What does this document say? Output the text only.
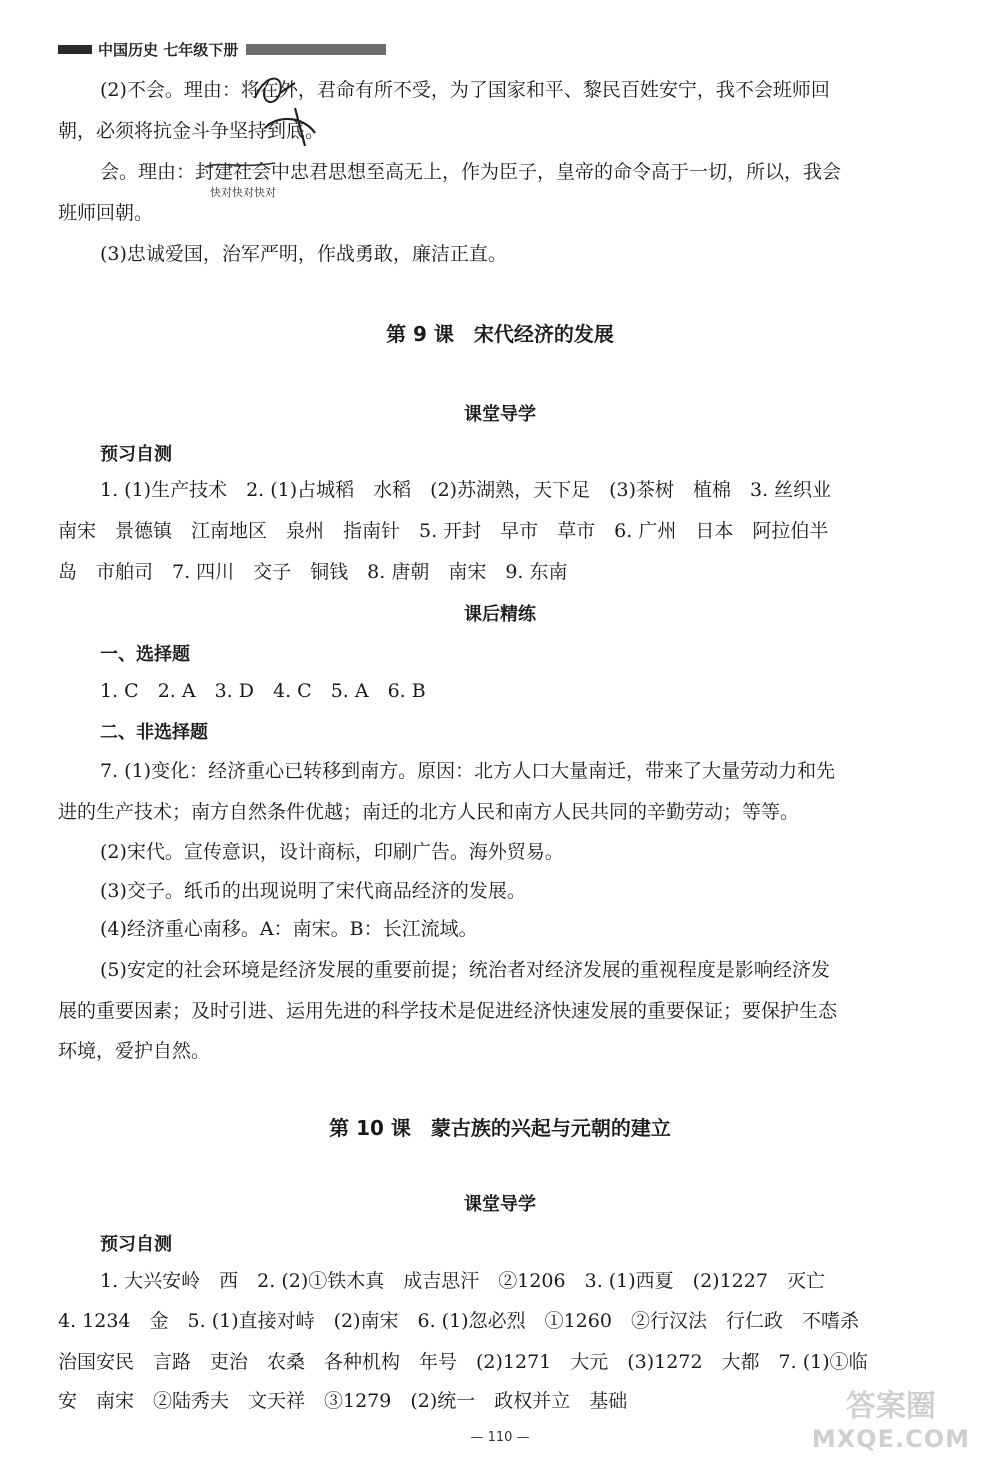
中国历史 七年级下册
(2)不会。理由：将在外，君命有所不受，为了国家和平、黎民百姓安宁，我不会班师回
朝，必须将抗金斗争坚持到底。
会。理由：封建社会中忠君思想至高无上，作为臣子，皇帝的命令高于一切，所以，我会
班师回朝。
(3)忠诚爱国，治军严明，作战勇敢，廉洁正直。
快对快对快对
第 9 课　宋代经济的发展
课堂导学
预习自测
1. (1)生产技术　2. (1)占城稻　水稻　(2)苏湖熟，天下足　(3)茶树　植棉　3. 丝织业
南宋　景德镇　江南地区　泉州　指南针　5. 开封　早市　草市　6. 广州　日本　阿拉伯半
岛　市舶司　7. 四川　交子　铜钱　8. 唐朝　南宋　9. 东南
课后精练
一、选择题
1. C　2. A　3. D　4. C　5. A　6. B
二、非选择题
7. (1)变化：经济重心已转移到南方。原因：北方人口大量南迁，带来了大量劳动力和先
进的生产技术；南方自然条件优越；南迁的北方人民和南方人民共同的辛勤劳动；等等。
(2)宋代。宣传意识，设计商标，印刷广告。海外贸易。
(3)交子。纸币的出现说明了宋代商品经济的发展。
(4)经济重心南移。A：南宋。B：长江流域。
(5)安定的社会环境是经济发展的重要前提；统治者对经济发展的重视程度是影响经济发
展的重要因素；及时引进、运用先进的科学技术是促进经济快速发展的重要保证；要保护生态
环境，爱护自然。
第 10 课　蒙古族的兴起与元朝的建立
课堂导学
预习自测
1. 大兴安岭　西　2. (2)①铁木真　成吉思汗　②1206　3. (1)西夏　(2)1227　灭亡
4. 1234　金　5. (1)直接对峙　(2)南宋　6. (1)忽必烈　①1260　②行汉法　行仁政　不嗜杀
治国安民　言路　吏治　农桑　各种机构　年号　(2)1271　大元　(3)1272　大都　7. (1)①临
安　南宋　②陆秀夫　文天祥　③1279　(2)统一　政权并立　基础
— 110 —
答案圈
MXQE.COM
